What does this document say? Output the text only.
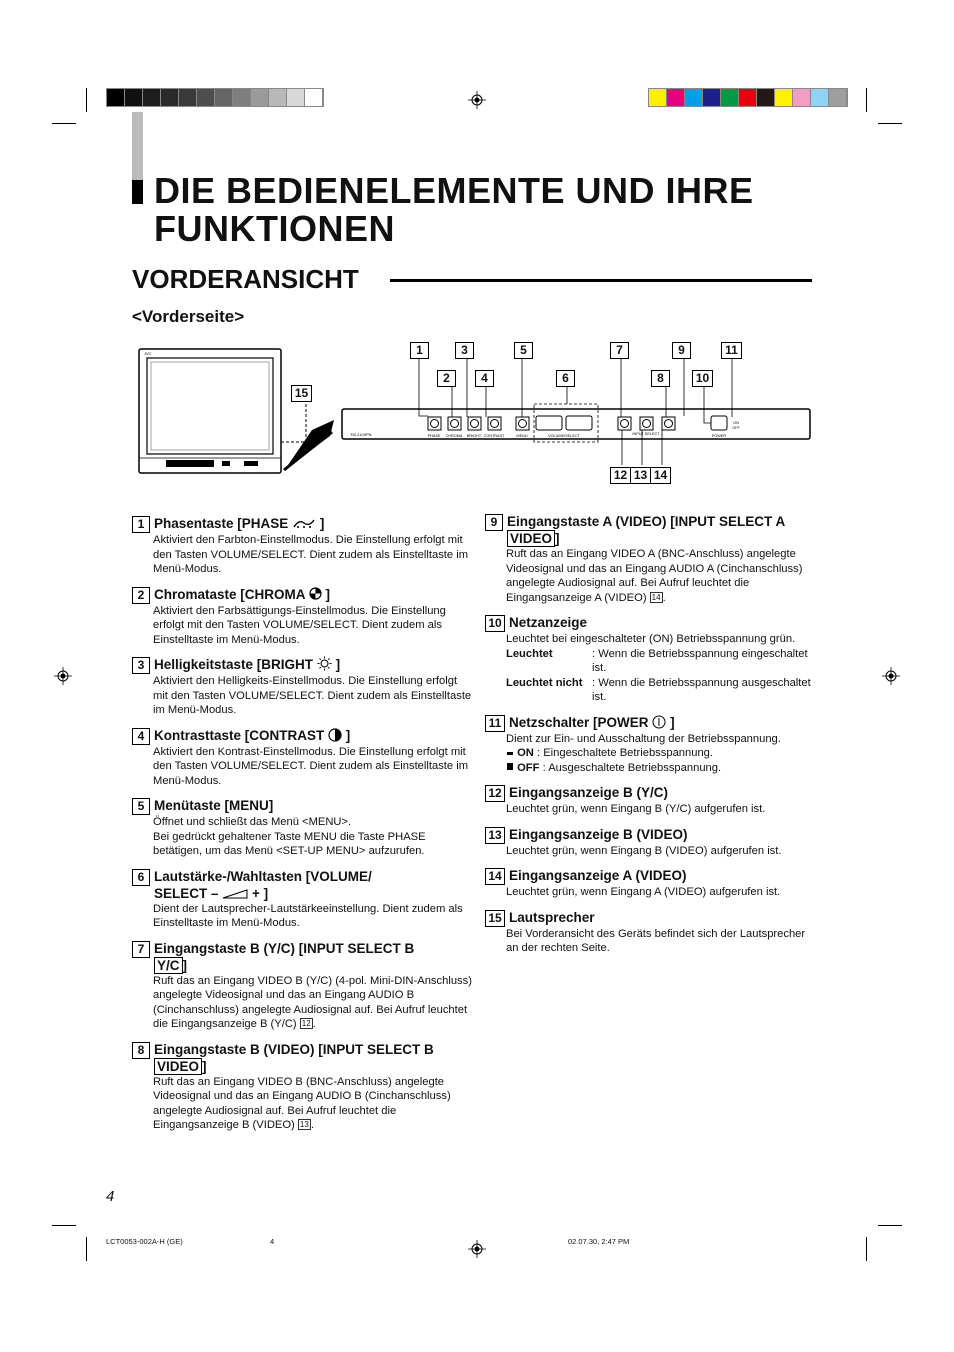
DIE BEDIENELEMENTE UND IHRE
FUNKTIONEN
VORDERANSICHT
<Vorderseite>
JVC
TM-2100PN	PHASE CHROMA BRIGHT CONTRAST	MENU	VOLUME/SELECT	INPUT SELECT	POWER
ON
OFF
1	3	5	7	9	11
2	4	6	8	10
12 13 14
15
1 Phasentaste [PHASE ]
Aktiviert den Farbton-Einstellmodus. Die Einstellung erfolgt mit den Tasten VOLUME/SELECT. Dient zudem als Einstelltaste im Menü-Modus.
2 Chromataste [CHROMA ]
Aktiviert den Farbsättigungs-Einstellmodus. Die Einstellung erfolgt mit den Tasten VOLUME/SELECT. Dient zudem als Einstelltaste im Menü-Modus.
3 Helligkeitstaste [BRIGHT ]
Aktiviert den Helligkeits-Einstellmodus. Die Einstellung erfolgt mit den Tasten VOLUME/SELECT. Dient zudem als Einstelltaste im Menü-Modus.
4 Kontrasttaste [CONTRAST ]
Aktiviert den Kontrast-Einstellmodus. Die Einstellung erfolgt mit den Tasten VOLUME/SELECT. Dient zudem als Einstelltaste im Menü-Modus.
5 Menütaste [MENU]
Öffnet und schließt das Menü <MENU>.
Bei gedrückt gehaltener Taste MENU die Taste PHASE betätigen, um das Menü <SET-UP MENU> aufzurufen.
6 Lautstärke-/Wahltasten [VOLUME/
SELECT – + ]
Dient der Lautsprecher-Lautstärkeeinstellung. Dient zudem als Einstelltaste im Menü-Modus.
7 Eingangstaste B (Y/C) [INPUT SELECT B
Y/C ]
Ruft das an Eingang VIDEO B (Y/C) (4-pol. Mini-DIN-Anschluss) angelegte Videosignal und das an Eingang AUDIO B (Cinchanschluss) angelegte Audiosignal auf. Bei Aufruf leuchtet die Eingangsanzeige B (Y/C) 12 .
8 Eingangstaste B (VIDEO) [INPUT SELECT B
VIDEO ]
Ruft das an Eingang VIDEO B (BNC-Anschluss) angelegte Videosignal und das an Eingang AUDIO B (Cinchanschluss) angelegte Audiosignal auf. Bei Aufruf leuchtet die Eingangsanzeige B (VIDEO) 13 .
9 Eingangstaste A (VIDEO) [INPUT SELECT A
VIDEO ]
Ruft das an Eingang VIDEO A (BNC-Anschluss) angelegte Videosignal und das an Eingang AUDIO A (Cinchanschluss) angelegte Audiosignal auf. Bei Aufruf leuchtet die Eingangsanzeige A (VIDEO) 14 .
10 Netzanzeige
Leuchtet bei eingeschalteter (ON) Betriebsspannung grün.
Leuchtet	: Wenn die Betriebsspannung eingeschaltet ist.
Leuchtet nicht : Wenn die Betriebsspannung ausgeschaltet ist.
11 Netzschalter [POWER ]
Dient zur Ein- und Ausschaltung der Betriebsspannung.
ON : Eingeschaltete Betriebsspannung.
OFF : Ausgeschaltete Betriebsspannung.
12 Eingangsanzeige B (Y/C)
Leuchtet grün, wenn Eingang B (Y/C) aufgerufen ist.
13 Eingangsanzeige B (VIDEO)
Leuchtet grün, wenn Eingang B (VIDEO) aufgerufen ist.
14 Eingangsanzeige A (VIDEO)
Leuchtet grün, wenn Eingang A (VIDEO) aufgerufen ist.
15 Lautsprecher
Bei Vorderansicht des Geräts befindet sich der Lautsprecher an der rechten Seite.
4
LCT0053-002A-H (GE)	4	02.07.30, 2:47 PM
